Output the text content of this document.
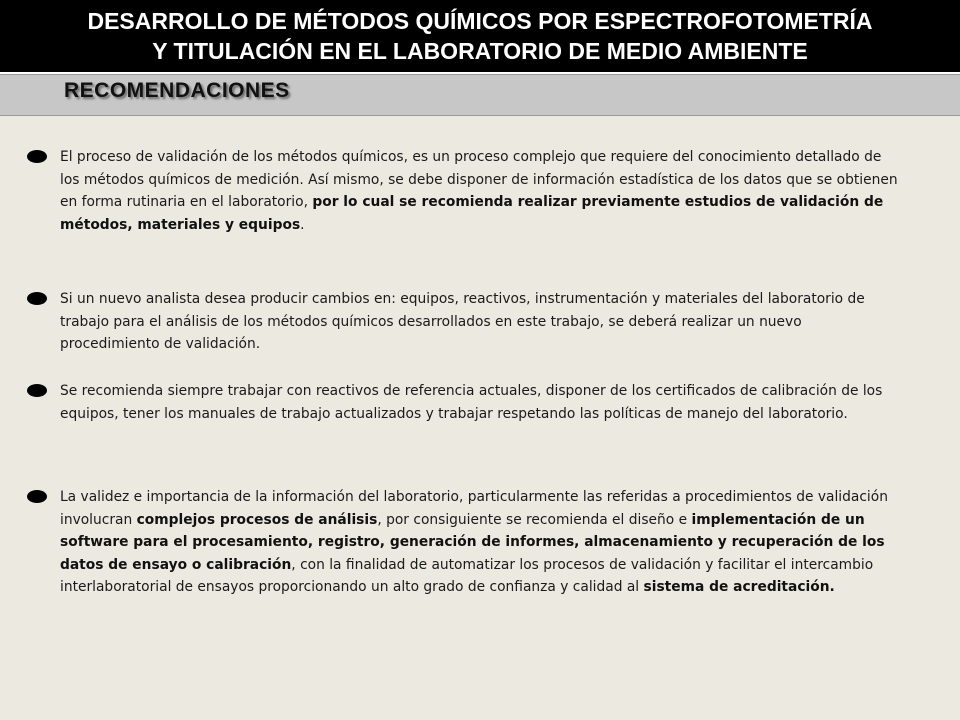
DESARROLLO DE MÉTODOS QUÍMICOS POR ESPECTROFOTOMETRÍA
Y TITULACIÓN EN EL LABORATORIO DE MEDIO AMBIENTE
RECOMENDACIONES
El proceso de validación de los métodos químicos, es un proceso complejo que requiere del conocimiento detallado de los métodos químicos de medición. Así mismo, se debe disponer de información estadística de los datos que se obtienen en forma rutinaria en el laboratorio, por lo cual se recomienda realizar previamente estudios de validación de métodos, materiales y equipos.
Si un nuevo analista desea producir cambios en: equipos, reactivos, instrumentación y materiales del laboratorio de trabajo para el análisis de los métodos químicos desarrollados en este trabajo, se deberá realizar un nuevo procedimiento de validación.
Se recomienda siempre trabajar con reactivos de referencia actuales, disponer de los certificados de calibración de los equipos, tener los manuales de trabajo actualizados y trabajar respetando las políticas de manejo del laboratorio.
La validez e importancia de la información del laboratorio, particularmente las referidas a procedimientos de validación involucran complejos procesos de análisis, por consiguiente se recomienda el diseño e implementación de un software para el procesamiento, registro, generación de informes, almacenamiento y recuperación de los datos de ensayo o calibración, con la finalidad de automatizar los procesos de validación y facilitar el intercambio interlaboratorial de ensayos proporcionando un alto grado de confianza y calidad al sistema de acreditación.
